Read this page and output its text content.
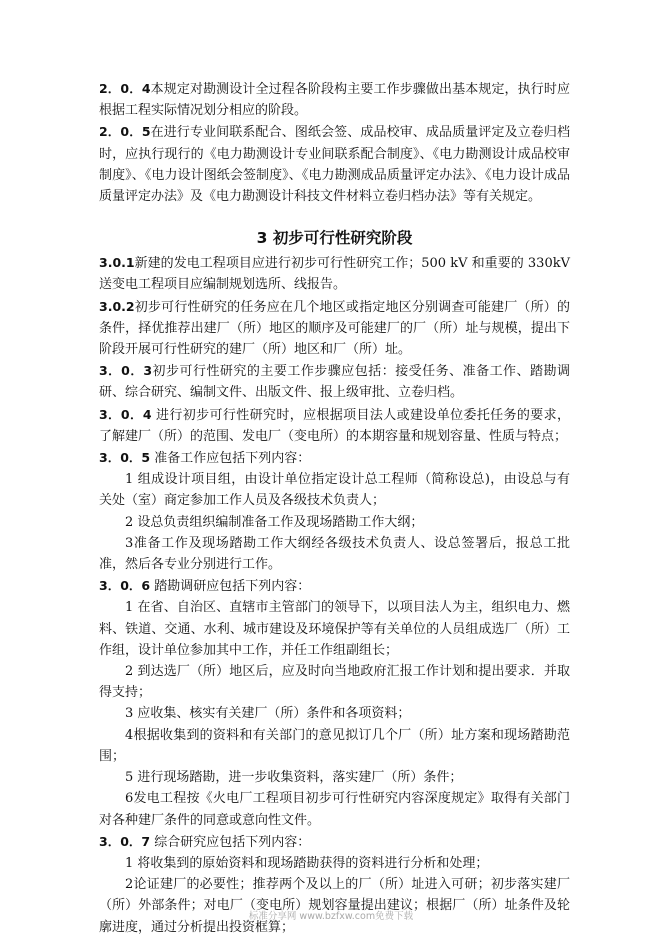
2．0．4本规定对勘测设计全过程各阶段构主要工作步骤做出基本规定，执行时应根据工程实际情况划分相应的阶段。

2．0．5在进行专业间联系配合、图纸会签、成品校审、成品质量评定及立卷归档时，应执行现行的《电力勘测设计专业间联系配合制度》、《电力勘测设计成品校审制度》、《电力设计图纸会签制度》、《电力勘测成品质量评定办法》、《电力设计成品质量评定办法》及《电力勘测设计科技文件材料立卷归档办法》等有关规定。

3 初步可行性研究阶段

3.0.1新建的发电工程项目应进行初步可行性研究工作；500 kV 和重要的 330kV 送变电工程项目应编制规划选所、线报告。

3.0.2初步可行性研究的任务应在几个地区或指定地区分别调查可能建厂（所）的条件，择优推荐出建厂（所）地区的顺序及可能建厂的厂（所）址与规模，提出下阶段开展可行性研究的建厂（所）地区和厂（所）址。

3．0．3初步可行性研究的主要工作步骤应包括：接受任务、准备工作、踏勘调研、综合研究、编制文件、出版文件、报上级审批、立卷归档。

3．0．4 进行初步可行性研究时，应根据项目法人或建设单位委托任务的要求，了解建厂（所）的范围、发电厂（变电所）的本期容量和规划容量、性质与特点；

3．0．5 准备工作应包括下列内容：

1 组成设计项目组，由设计单位指定设计总工程师（简称设总)，由设总与有关处（室）商定参加工作人员及各级技术负责人；

2 设总负责组织编制准备工作及现场踏勘工作大纲；

3准备工作及现场踏勘工作大纲经各级技术负责人、设总签署后，报总工批准，然后各专业分别进行工作。

3．0．6 踏勘调研应包括下列内容：

1 在省、自治区、直辖市主管部门的领导下，以项目法人为主，组织电力、燃料、铁道、交通、水利、城市建设及环境保护等有关单位的人员组成选厂（所）工作组，设计单位参加其中工作，并任工作组副组长；

2 到达选厂（所）地区后，应及时向当地政府汇报工作计划和提出要求．并取得支持；

3 应收集、核实有关建厂（所）条件和各项资料；

4根据收集到的资料和有关部门的意见拟订几个厂（所）址方案和现场踏勘范围；

5 进行现场踏勘，进一步收集资料，落实建厂（所）条件；

6发电工程按《火电厂工程项目初步可行性研究内容深度规定》取得有关部门对各种建厂条件的同意或意向性文件。

3．0．7 综合研究应包括下列内容：

1 将收集到的原始资料和现场踏勘获得的资料进行分析和处理；

2论证建厂的必要性；推荐两个及以上的厂（所）址进入可研；初步落实建厂（所）外部条件；对电厂（变电所）规划容量提出建议；根据厂（所）址条件及轮廓进度，通过分析提出投资框算；

标准分享网 www.bzfxw.com免费下载
